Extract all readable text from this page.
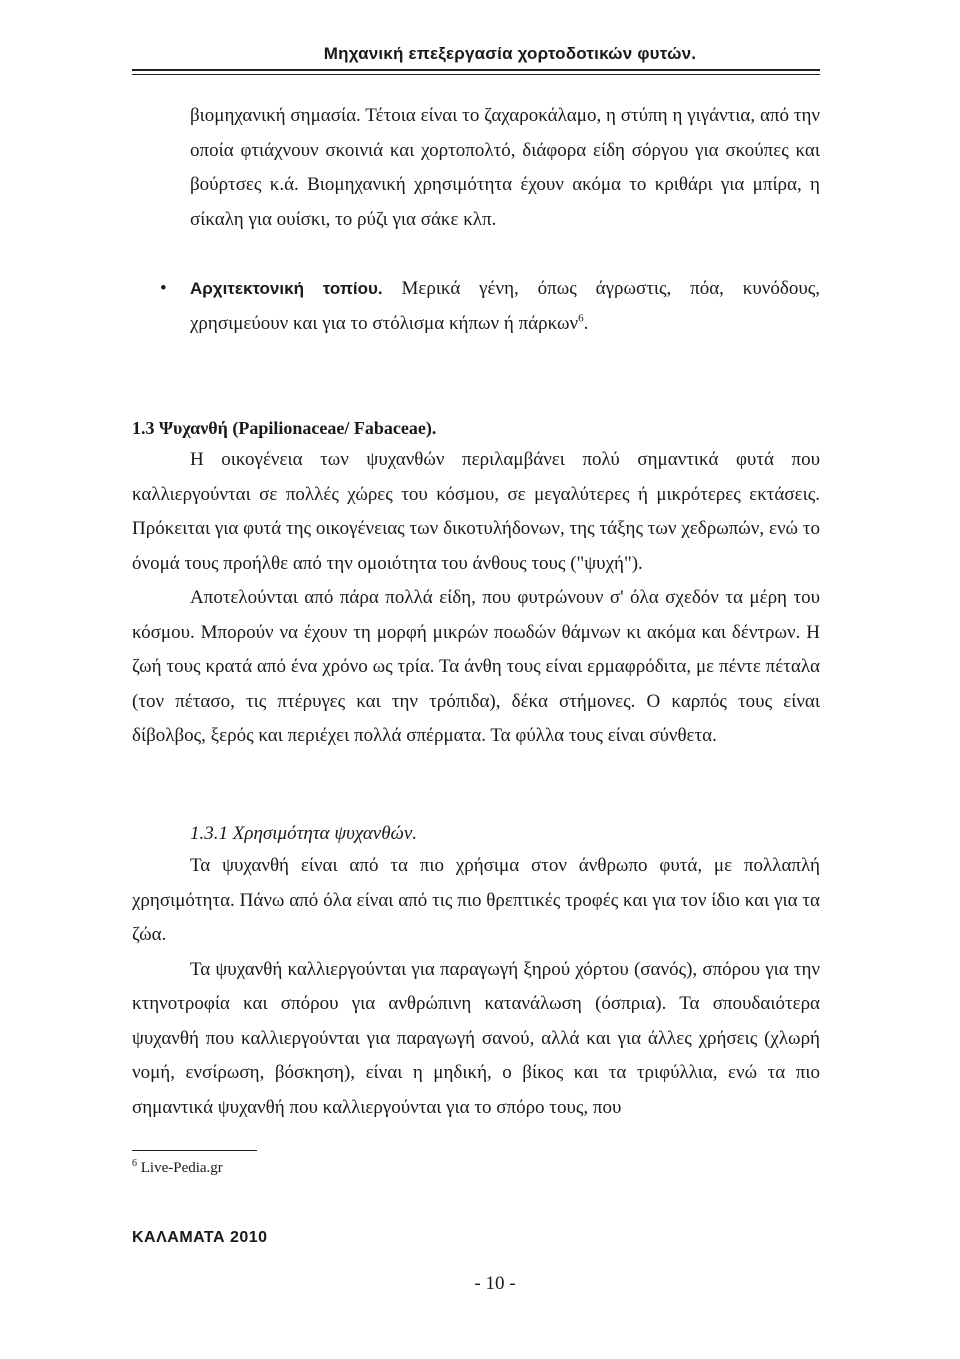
Μηχανική επεξεργασία χορτοδοτικών φυτών.

βιομηχανική σημασία. Τέτοια είναι το ζαχαροκάλαμο, η στύπη η γιγάντια, από την οποία φτιάχνουν σκοινιά και χορτοπολτό, διάφορα είδη σόργου για σκούπες και βούρτσες κ.ά. Βιομηχανική χρησιμότητα έχουν ακόμα το κριθάρι για μπίρα, η σίκαλη για ουίσκι, το ρύζι για σάκε κλπ.

• Αρχιτεκτονική τοπίου. Μερικά γένη, όπως άγρωστις, πόα, κυνόδους, χρησιμεύουν και για το στόλισμα κήπων ή πάρκων$^6$.

1.3 Ψυχανθή (Papilionaceae/ Fabaceae).

Η οικογένεια των ψυχανθών περιλαμβάνει πολύ σημαντικά φυτά που καλλιεργούνται σε πολλές χώρες του κόσμου, σε μεγαλύτερες ή μικρότερες εκτάσεις. Πρόκειται για φυτά της οικογένειας των δικοτυλήδονων, της τάξης των χεδρωπών, ενώ το όνομά τους προήλθε από την ομοιότητα του άνθους τους ("ψυχή").

Αποτελούνται από πάρα πολλά είδη, που φυτρώνουν σ' όλα σχεδόν τα μέρη του κόσμου. Μπορούν να έχουν τη μορφή μικρών ποωδών θάμνων κι ακόμα και δέντρων. Η ζωή τους κρατά από ένα χρόνο ως τρία. Τα άνθη τους είναι ερμαφρόδιτα, με πέντε πέταλα (τον πέτασο, τις πτέρυγες και την τρόπιδα), δέκα στήμονες. Ο καρπός τους είναι δίβολβος, ξερός και περιέχει πολλά σπέρματα. Τα φύλλα τους είναι σύνθετα.

1.3.1 Χρησιμότητα ψυχανθών.

Τα ψυχανθή είναι από τα πιο χρήσιμα στον άνθρωπο φυτά, με πολλαπλή χρησιμότητα. Πάνω από όλα είναι από τις πιο θρεπτικές τροφές και για τον ίδιο και για τα ζώα.

Τα ψυχανθή καλλιεργούνται για παραγωγή ξηρού χόρτου (σανός), σπόρου για την κτηνοτροφία και σπόρου για ανθρώπινη κατανάλωση (όσπρια). Τα σπουδαιότερα ψυχανθή που καλλιεργούνται για παραγωγή σανού, αλλά και για άλλες χρήσεις (χλωρή νομή, ενσίρωση, βόσκηση), είναι η μηδική, ο βίκος και τα τριφύλλια, ενώ τα πιο σημαντικά ψυχανθή που καλλιεργούνται για το σπόρο τους, που

$^6$ Live-Pedia.gr
ΚΑΛΑΜΑΤΑ 2010
- 10 -
